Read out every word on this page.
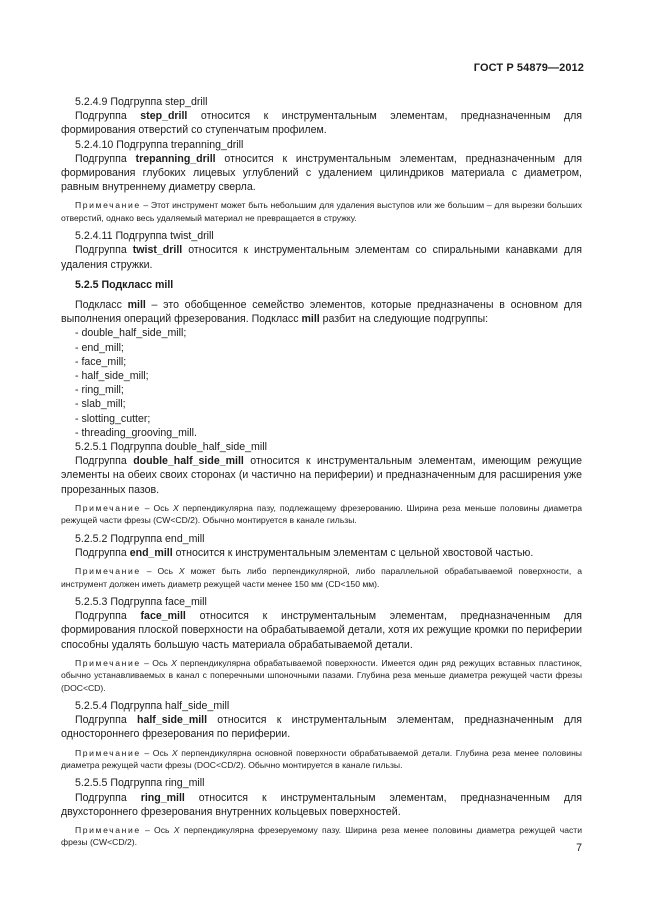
ГОСТ Р 54879—2012

5.2.4.9 Подгруппа step_drill

Подгруппа step_drill относится к инструментальным элементам, предназначенным для формирования отверстий со ступенчатым профилем.

5.2.4.10 Подгруппа trepanning_drill

Подгруппа trepanning_drill относится к инструментальным элементам, предназначенным для формирования глубоких лицевых углублений с удалением цилиндриков материала с диаметром, равным внутреннему диаметру сверла.

Примечание – Этот инструмент может быть небольшим для удаления выступов или же большим – для вырезки больших отверстий, однако весь удаляемый материал не превращается в стружку.

5.2.4.11 Подгруппа twist_drill

Подгруппа twist_drill относится к инструментальным элементам со спиральными канавками для удаления стружки.

5.2.5 Подкласс mill

Подкласс mill – это обобщенное семейство элементов, которые предназначены в основном для выполнения операций фрезерования. Подкласс mill разбит на следующие подгруппы:

- double_half_side_mill;
- end_mill;
- face_mill;
- half_side_mill;
- ring_mill;
- slab_mill;
- slotting_cutter;
- threading_grooving_mill.

5.2.5.1 Подгруппа double_half_side_mill

Подгруппа double_half_side_mill относится к инструментальным элементам, имеющим режущие элементы на обеих своих сторонах (и частично на периферии) и предназначенным для расширения уже прорезанных пазов.

Примечание – Ось X перпендикулярна пазу, подлежащему фрезерованию. Ширина реза меньше половины диаметра режущей части фрезы (CW<CD/2). Обычно монтируется в канале гильзы.

5.2.5.2 Подгруппа end_mill

Подгруппа end_mill относится к инструментальным элементам с цельной хвостовой частью.

Примечание – Ось X может быть либо перпендикулярной, либо параллельной обрабатываемой поверхности, а инструмент должен иметь диаметр режущей части менее 150 мм (CD<150 мм).

5.2.5.3 Подгруппа face_mill

Подгруппа face_mill относится к инструментальным элементам, предназначенным для формирования плоской поверхности на обрабатываемой детали, хотя их режущие кромки по периферии способны удалять большую часть материала обрабатываемой детали.

Примечание – Ось X перпендикулярна обрабатываемой поверхности. Имеется один ряд режущих вставных пластинок, обычно устанавливаемых в канал с поперечными шпоночными пазами. Глубина реза меньше диаметра режущей части фрезы (DOC<CD).

5.2.5.4 Подгруппа half_side_mill

Подгруппа half_side_mill относится к инструментальным элементам, предназначенным для одностороннего фрезерования по периферии.

Примечание – Ось X перпендикулярна основной поверхности обрабатываемой детали. Глубина реза менее половины диаметра режущей части фрезы (DOC<CD/2). Обычно монтируется в канале гильзы.

5.2.5.5 Подгруппа ring_mill

Подгруппа ring_mill относится к инструментальным элементам, предназначенным для двухстороннего фрезерования внутренних кольцевых поверхностей.

Примечание – Ось X перпендикулярна фрезеруемому пазу. Ширина реза менее половины диаметра режущей части фрезы (CW<CD/2).	7
